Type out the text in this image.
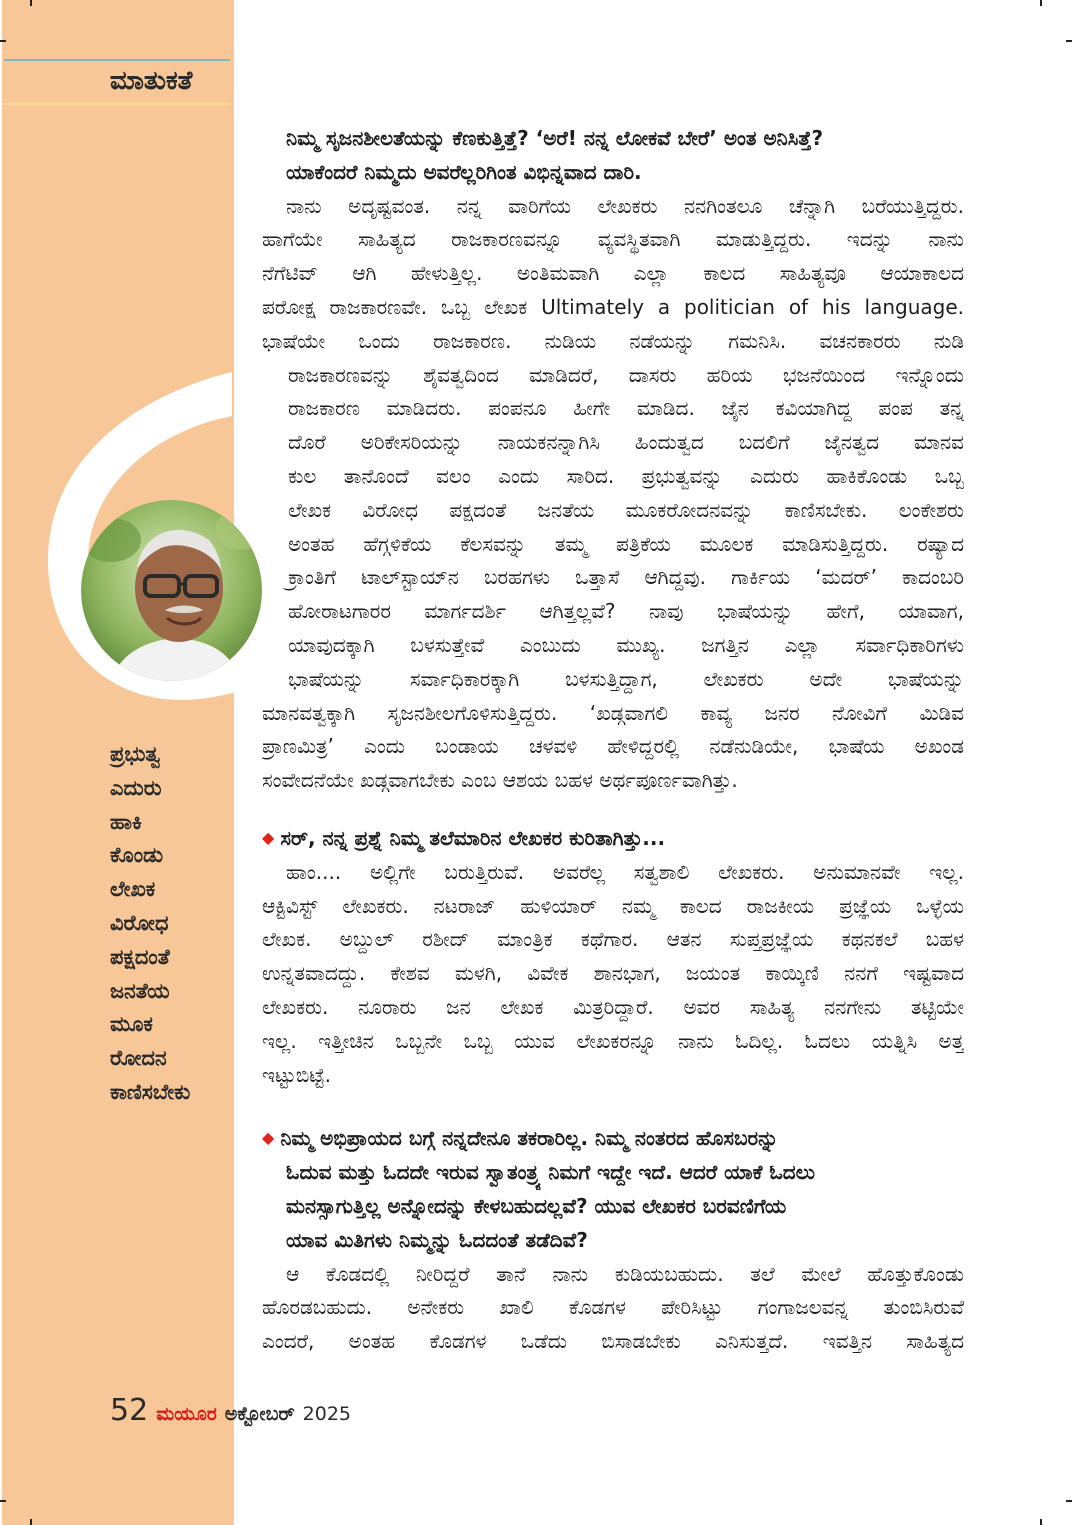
ಮಾತುಕತೆ
ಪ್ರಭುತ್ವ
ಎದುರು
ಹಾಕಿ
ಕೊಂಡು
ಲೇಖಕ
ವಿರೋಧ
ಪಕ್ಷದಂತೆ
ಜನತೆಯ
ಮೂಕ
ರೋದನ
ಕಾಣಿಸಬೇಕು
ನಿಮ್ಮ ಸೃಜನಶೀಲತೆಯನ್ನು ಕೆಣಕುತ್ತಿತ್ತೆ? ‘ಅರೆ! ನನ್ನ ಲೋಕವೆ ಬೇರೆ’ ಅಂತ ಅನಿಸಿತ್ತೆ?
ಯಾಕೆಂದರೆ ನಿಮ್ಮದು ಅವರೆಲ್ಲರಿಗಿಂತ ವಿಭಿನ್ನವಾದ ದಾರಿ.
ನಾನು ಅದೃಷ್ಟವಂತ. ನನ್ನ ವಾರಿಗೆಯ ಲೇಖಕರು ನನಗಿಂತಲೂ ಚೆನ್ನಾಗಿ ಬರೆಯುತ್ತಿದ್ದರು.
ಹಾಗೆಯೇ ಸಾಹಿತ್ಯದ ರಾಜಕಾರಣವನ್ನೂ ವ್ಯವಸ್ಥಿತವಾಗಿ ಮಾಡುತ್ತಿದ್ದರು. ಇದನ್ನು ನಾನು
ನೆಗೆಟಿವ್ ಆಗಿ ಹೇಳುತ್ತಿಲ್ಲ. ಅಂತಿಮವಾಗಿ ಎಲ್ಲಾ ಕಾಲದ ಸಾಹಿತ್ಯವೂ ಆಯಾಕಾಲದ
ಪರೋಕ್ಷ ರಾಜಕಾರಣವೇ. ಒಬ್ಬ ಲೇಖಕ Ultimately a politician of his language.
ಭಾಷೆಯೇ ಒಂದು ರಾಜಕಾರಣ. ನುಡಿಯ ನಡೆಯನ್ನು ಗಮನಿಸಿ. ವಚನಕಾರರು ನುಡಿ
ರಾಜಕಾರಣವನ್ನು ಶೈವತ್ವದಿಂದ ಮಾಡಿದರೆ, ದಾಸರು ಹರಿಯ ಭಜನೆಯಿಂದ ಇನ್ನೊಂದು
ರಾಜಕಾರಣ ಮಾಡಿದರು. ಪಂಪನೂ ಹೀಗೇ ಮಾಡಿದ. ಜೈನ ಕವಿಯಾಗಿದ್ದ ಪಂಪ ತನ್ನ
ದೊರೆ ಅರಿಕೇಸರಿಯನ್ನು ನಾಯಕನನ್ನಾಗಿಸಿ ಹಿಂದುತ್ವದ ಬದಲಿಗೆ ಜೈನತ್ವದ ಮಾನವ
ಕುಲ ತಾನೊಂದೆ ವಲಂ ಎಂದು ಸಾರಿದ. ಪ್ರಭುತ್ವವನ್ನು ಎದುರು ಹಾಕಿಕೊಂಡು ಒಬ್ಬ
ಲೇಖಕ ವಿರೋಧ ಪಕ್ಷದಂತೆ ಜನತೆಯ ಮೂಕರೋದನವನ್ನು ಕಾಣಿಸಬೇಕು. ಲಂಕೇಶರು
ಅಂತಹ ಹೆಗ್ಗಳಿಕೆಯ ಕೆಲಸವನ್ನು ತಮ್ಮ ಪತ್ರಿಕೆಯ ಮೂಲಕ ಮಾಡಿಸುತ್ತಿದ್ದರು. ರಷ್ಯಾದ
ಕ್ರಾಂತಿಗೆ ಟಾಲ್‌ಸ್ಟಾಯ್‌ನ ಬರಹಗಳು ಒತ್ತಾಸೆ ಆಗಿದ್ದವು. ಗಾರ್ಕಿಯ ‘ಮದರ್’ ಕಾದಂಬರಿ
ಹೋರಾಟಗಾರರ ಮಾರ್ಗದರ್ಶಿ ಆಗಿತ್ತಲ್ಲವೆ? ನಾವು ಭಾಷೆಯನ್ನು ಹೇಗೆ, ಯಾವಾಗ,
ಯಾವುದಕ್ಕಾಗಿ ಬಳಸುತ್ತೇವೆ ಎಂಬುದು ಮುಖ್ಯ. ಜಗತ್ತಿನ ಎಲ್ಲಾ ಸರ್ವಾಧಿಕಾರಿಗಳು
ಭಾಷೆಯನ್ನು ಸರ್ವಾಧಿಕಾರಕ್ಕಾಗಿ ಬಳಸುತ್ತಿದ್ದಾಗ, ಲೇಖಕರು ಅದೇ ಭಾಷೆಯನ್ನು
ಮಾನವತ್ವಕ್ಕಾಗಿ ಸೃಜನಶೀಲಗೊಳಿಸುತ್ತಿದ್ದರು. ‘ಖಡ್ಗವಾಗಲಿ ಕಾವ್ಯ ಜನರ ನೋವಿಗೆ ಮಿಡಿವ
ಪ್ರಾಣಮಿತ್ರ’ ಎಂದು ಬಂಡಾಯ ಚಳವಳಿ ಹೇಳಿದ್ದರಲ್ಲಿ ನಡೆನುಡಿಯೇ, ಭಾಷೆಯ ಅಖಂಡ
ಸಂವೇದನೆಯೇ ಖಡ್ಗವಾಗಬೇಕು ಎಂಬ ಆಶಯ ಬಹಳ ಅರ್ಥಪೂರ್ಣವಾಗಿತ್ತು.
◆ ಸರ್, ನನ್ನ ಪ್ರಶ್ನೆ ನಿಮ್ಮ ತಲೆಮಾರಿನ ಲೇಖಕರ ಕುರಿತಾಗಿತ್ತು...
ಹಾಂ.... ಅಲ್ಲಿಗೇ ಬರುತ್ತಿರುವೆ. ಅವರೆಲ್ಲ ಸತ್ವಶಾಲಿ ಲೇಖಕರು. ಅನುಮಾನವೇ ಇಲ್ಲ.
ಆಕ್ಟಿವಿಸ್ಟ್ ಲೇಖಕರು. ನಟರಾಜ್ ಹುಳಿಯಾರ್ ನಮ್ಮ ಕಾಲದ ರಾಜಕೀಯ ಪ್ರಜ್ಞೆಯ ಒಳ್ಳೆಯ
ಲೇಖಕ. ಅಬ್ದುಲ್ ರಶೀದ್ ಮಾಂತ್ರಿಕ ಕಥೆಗಾರ. ಆತನ ಸುಪ್ತಪ್ರಜ್ಞೆಯ ಕಥನಕಲೆ ಬಹಳ
ಉನ್ನತವಾದದ್ದು. ಕೇಶವ ಮಳಗಿ, ವಿವೇಕ ಶಾನಭಾಗ, ಜಯಂತ ಕಾಯ್ಕಿಣಿ ನನಗೆ ಇಷ್ಟವಾದ
ಲೇಖಕರು. ನೂರಾರು ಜನ ಲೇಖಕ ಮಿತ್ರರಿದ್ದಾರೆ. ಅವರ ಸಾಹಿತ್ಯ ನನಗೇನು ತಟ್ಟಿಯೇ
ಇಲ್ಲ. ಇತ್ತೀಚಿನ ಒಬ್ಬನೇ ಒಬ್ಬ ಯುವ ಲೇಖಕರನ್ನೂ ನಾನು ಓದಿಲ್ಲ. ಓದಲು ಯತ್ನಿಸಿ ಅತ್ತ
ಇಟ್ಟುಬಿಟ್ಟೆ.
◆ ನಿಮ್ಮ ಅಭಿಪ್ರಾಯದ ಬಗ್ಗೆ ನನ್ನದೇನೂ ತಕರಾರಿಲ್ಲ. ನಿಮ್ಮ ನಂತರದ ಹೊಸಬರನ್ನು
ಓದುವ ಮತ್ತು ಓದದೇ ಇರುವ ಸ್ವಾತಂತ್ರ್ಯ ನಿಮಗೆ ಇದ್ದೇ ಇದೆ. ಆದರೆ ಯಾಕೆ ಓದಲು
ಮನಸ್ಸಾಗುತ್ತಿಲ್ಲ ಅನ್ನೋದನ್ನು ಕೇಳಬಹುದಲ್ಲವೆ? ಯುವ ಲೇಖಕರ ಬರವಣಿಗೆಯ
ಯಾವ ಮಿತಿಗಳು ನಿಮ್ಮನ್ನು ಓದದಂತೆ ತಡೆದಿವೆ?
ಆ ಕೊಡದಲ್ಲಿ ನೀರಿದ್ದರೆ ತಾನೆ ನಾನು ಕುಡಿಯಬಹುದು. ತಲೆ ಮೇಲೆ ಹೊತ್ತುಕೊಂಡು
ಹೊರಡಬಹುದು. ಅನೇಕರು ಖಾಲಿ ಕೊಡಗಳ ಪೇರಿಸಿಟ್ಟು ಗಂಗಾಜಲವನ್ನ ತುಂಬಿಸಿರುವೆ
ಎಂದರೆ, ಅಂತಹ ಕೊಡಗಳ ಒಡೆದು ಬಿಸಾಡಬೇಕು ಎನಿಸುತ್ತದೆ. ಇವತ್ತಿನ ಸಾಹಿತ್ಯದ
52 ಮಯೂರ ಅಕ್ಟೋಬರ್ 2025
